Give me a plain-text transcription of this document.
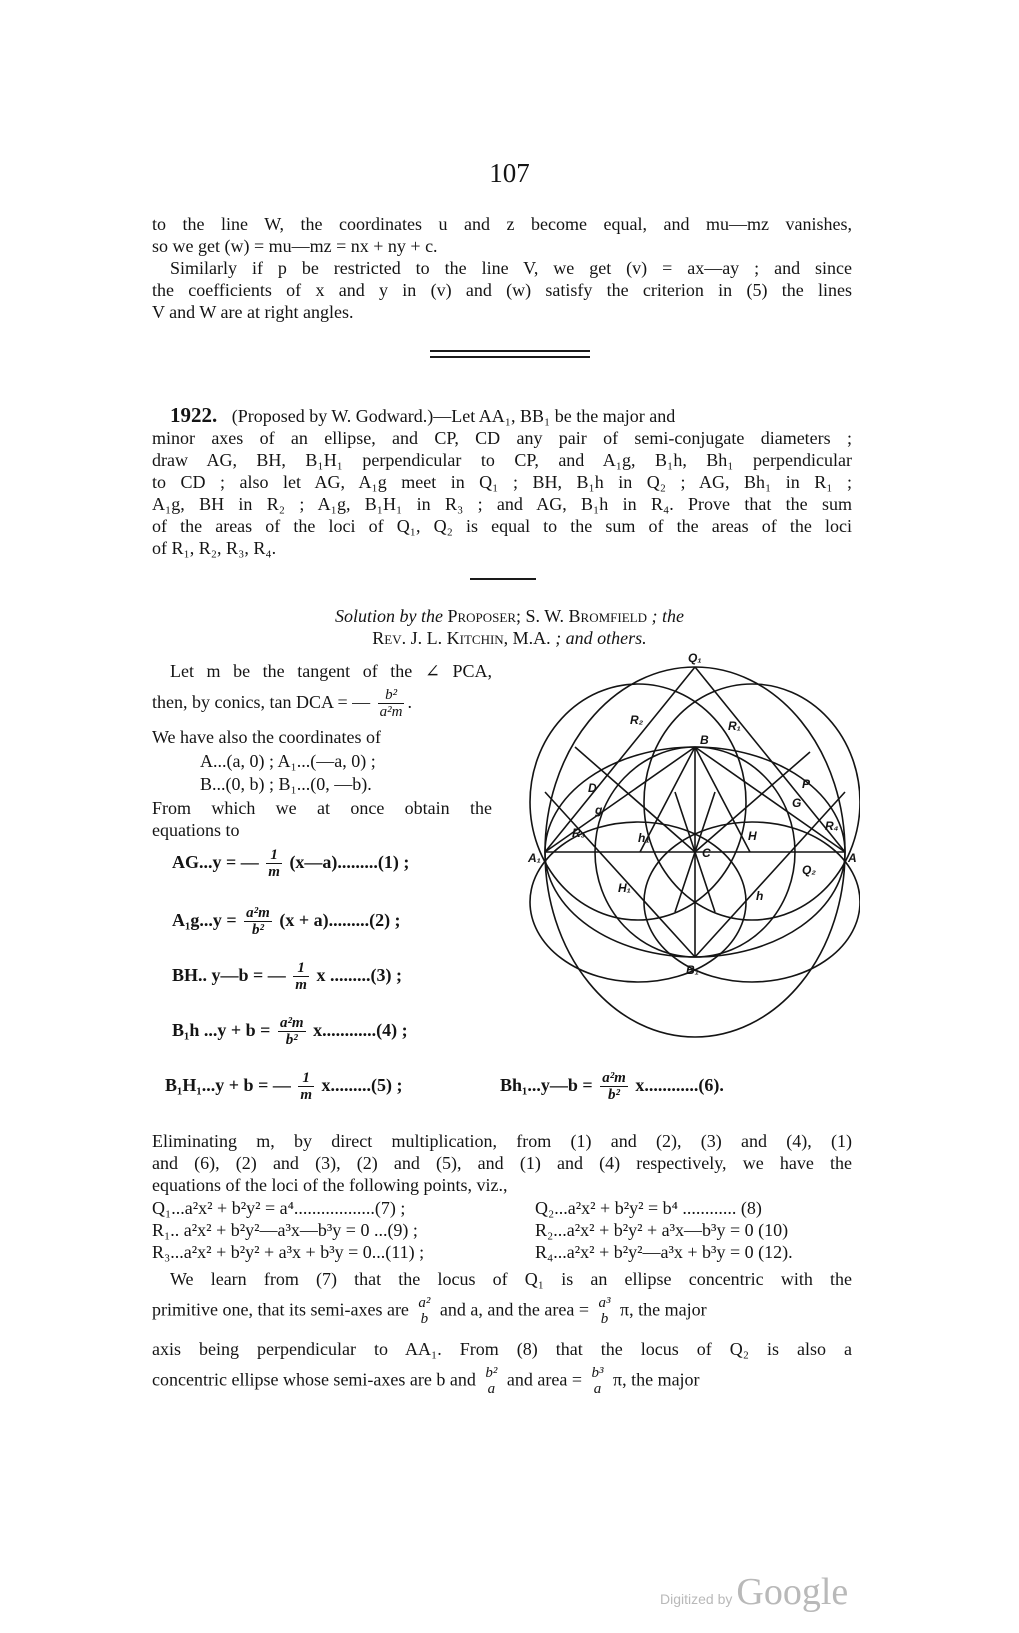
107
to the line W, the coordinates u and z become equal, and mu—mz vanishes,
so we get (w) = mu—mz = nx + ny + c.
Similarly if p be restricted to the line V, we get (v) = ax—ay ; and since
the coefficients of x and y in (v) and (w) satisfy the criterion in (5) the lines
V and W are at right angles.
1922. (Proposed by W. Godward.)—Let AA₁, BB₁ be the major and
minor axes of an ellipse, and CP, CD any pair of semi-conjugate diameters ;
draw AG, BH, B₁H₁ perpendicular to CP, and A₁g, B₁h, Bh₁ perpendicular
to CD ; also let AG, A₁g meet in Q₁ ; BH, B₁h in Q₂ ; AG, Bh₁ in R₁ ;
A₁g, BH in R₂ ; A₁g, B₁H₁ in R₃ ; and AG, B₁h in R₄. Prove that the sum
of the areas of the loci of Q₁, Q₂ is equal to the sum of the areas of the loci
of R₁, R₂, R₃, R₄.
Solution by the Proposer; S. W. Bromfield ; the
Rev. J. L. Kitchin, M.A. ; and others.
Let m be the tangent of the ∠ PCA,
then, by conics, tan DCA = — $\frac{\text{b²}}{\text{a²m}}$ .
We have also the coordinates of
A...(a, 0) ; A₁...(—a, 0) ;
B...(0, b) ; B₁...(0, —b).
From which we at once obtain the
equations to
AG...y = — $\frac{1}{m}$ (x—a).........(1) ;
$A_1g...y = \frac{\text{a²m}}{\text{b²}} (x + a).........(2)$ ;
BH.. y—b = — $\frac{1}{m}$ x .........(3) ;
B₁h $...y + b = \frac{\text{a²m}}{\text{b²}} x............(4)$ ;
B₁H₁...y + b = — $\frac{1}{m} x.........(5)$ ;	Bh₁...y—b = $\frac{\text{a²m}}{\text{b²}} x............(6)$.
Eliminating m, by direct multiplication, from (1) and (2), (3) and (4), (1)
and (6), (2) and (3), (2) and (5), and (1) and (4) respectively, we have the
equations of the loci of the following points, viz.,
Q₁...a²x² + b²y² = a⁴..................(7) ;	Q₂...a²x² + b²y² = b⁴ ............ (8)
R₁.. a²x² + b²y²—a³x—b³y = 0 ...(9) ;	R₂...a²x² + b²y² + a³x—b³y = 0 (10)
R₃...a²x² + b²y² + a³x + b³y = 0...(11) ;	R₄...a²x² + b²y²—a³x + b³y = 0 (12).
We learn from (7) that the locus of Q₁ is an ellipse concentric with the
primitive one, that its semi-axes are a²
b and a, and the area = a³
b π, the major
axis being perpendicular to AA₁. From (8) that the locus of Q₂ is also a
concentric ellipse whose semi-axes are b and b²
a and area = b³
a π, the major
Q₁
R₂	R₁
B
D
g
P
G
R₃	h₁	H
R₄
A₁	C	A
Q₂
H₁
h
B₁
Digitized by Google
